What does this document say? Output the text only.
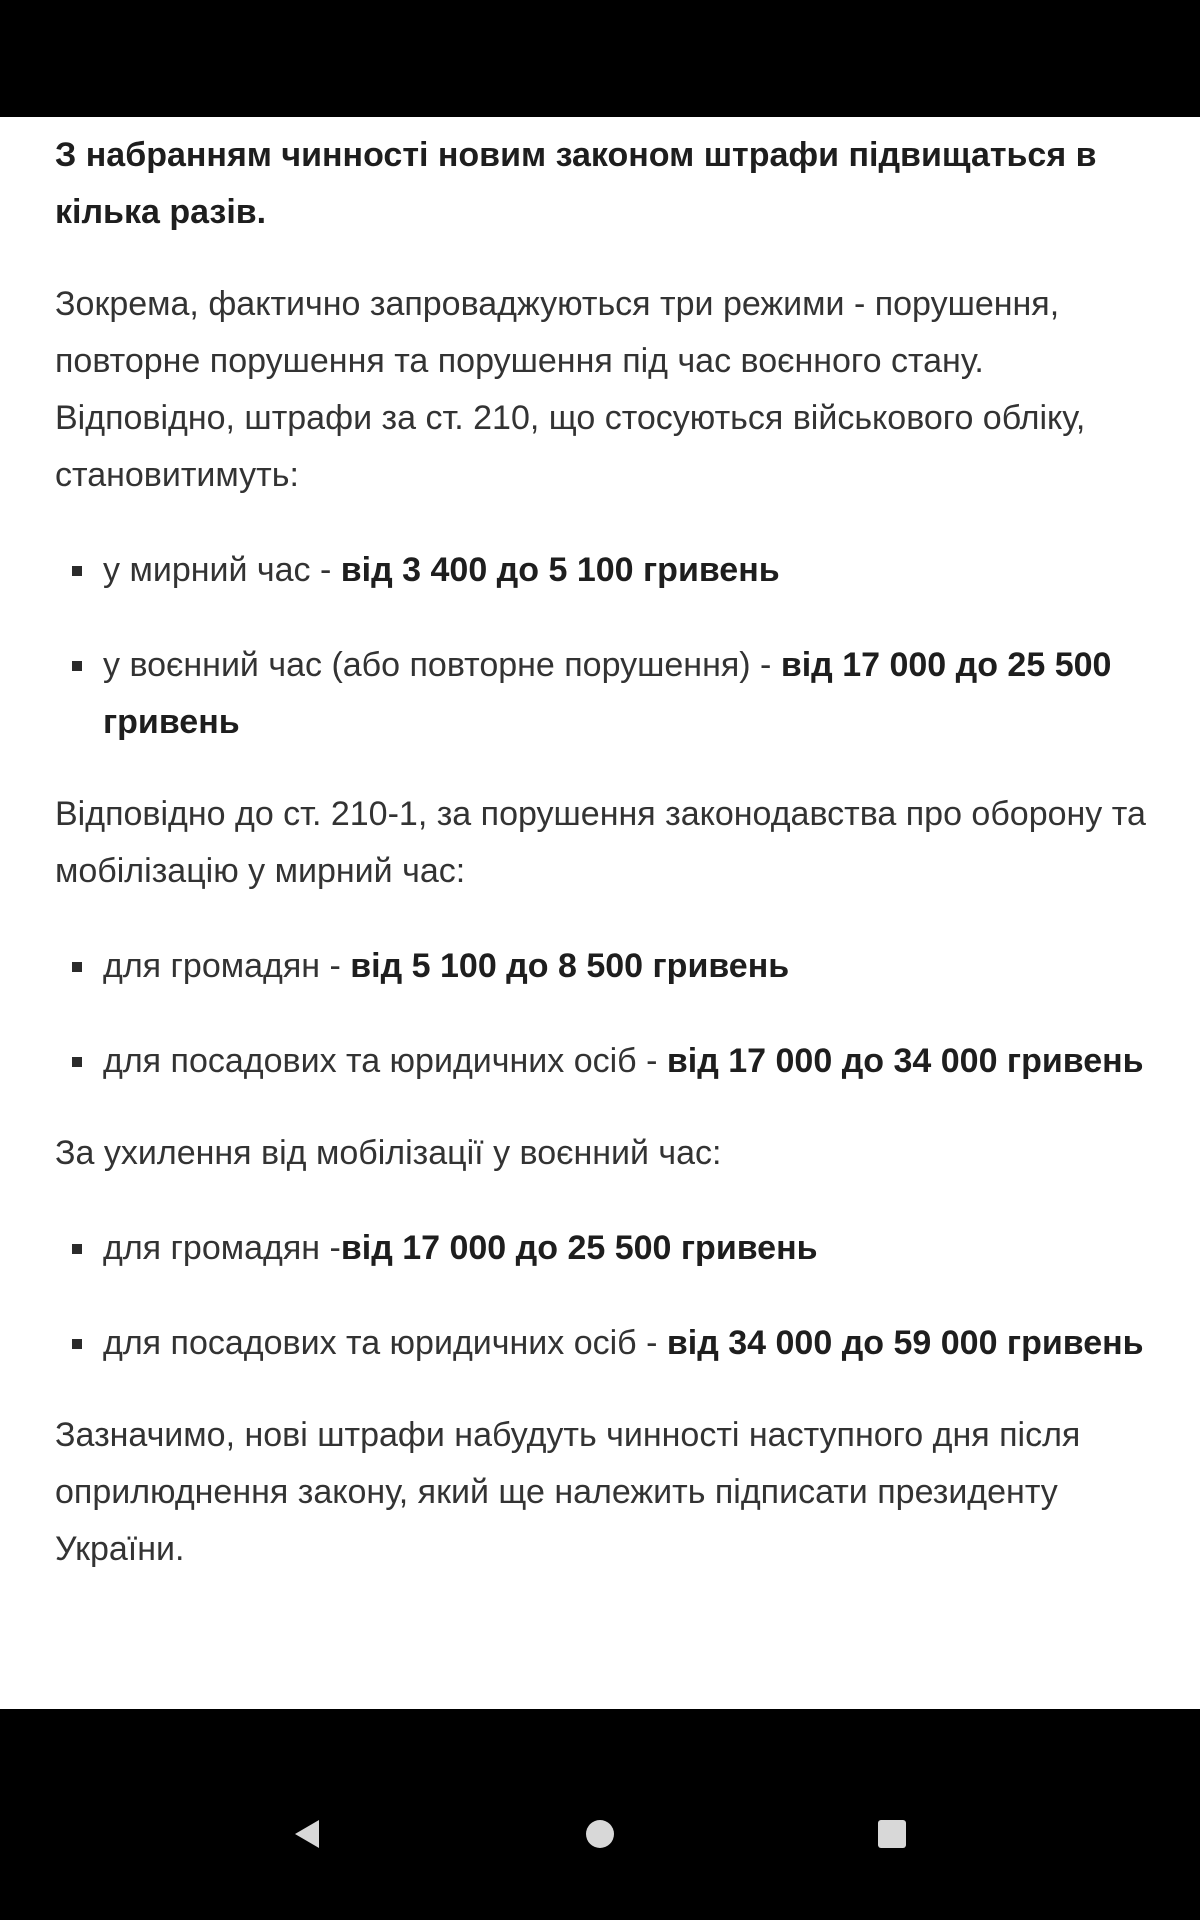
З набранням чинності новим законом штрафи підвищаться в кілька разів.

Зокрема, фактично запроваджуються три режими - порушення, повторне порушення та порушення під час воєнного стану. Відповідно, штрафи за ст. 210, що стосуються військового обліку, становитимуть:

у мирний час - від 3 400 до 5 100 гривень
у воєнний час (або повторне порушення) - від 17 000 до 25 500 гривень

Відповідно до ст. 210-1, за порушення законодавства про оборону та мобілізацію у мирний час:

для громадян - від 5 100 до 8 500 гривень
для посадових та юридичних осіб - від 17 000 до 34 000 гривень

За ухилення від мобілізації у воєнний час:

для громадян -від 17 000 до 25 500 гривень
для посадових та юридичних осіб - від 34 000 до 59 000 гривень

Зазначимо, нові штрафи набудуть чинності наступного дня після оприлюднення закону, який ще належить підписати президенту України.
